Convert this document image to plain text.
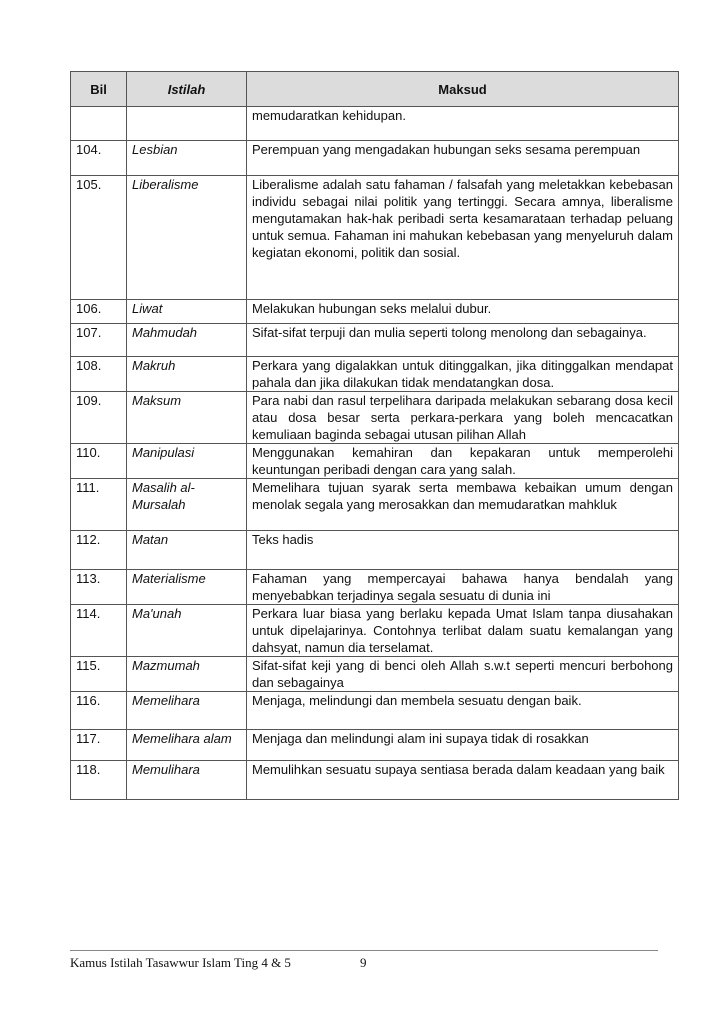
Bil	Istilah	Maksud
		memudaratkan kehidupan.
104.	Lesbian	Perempuan yang mengadakan hubungan seks sesama perempuan
105.	Liberalisme	Liberalisme adalah satu fahaman / falsafah yang meletakkan kebebasan individu sebagai nilai politik yang tertinggi. Secara amnya, liberalisme mengutamakan hak-hak peribadi serta kesamarataan terhadap peluang untuk semua. Fahaman ini mahukan kebebasan yang menyeluruh dalam kegiatan ekonomi, politik dan sosial.
106.	Liwat	Melakukan hubungan seks melalui dubur.
107.	Mahmudah	Sifat-sifat terpuji dan mulia seperti tolong menolong dan sebagainya.
108.	Makruh	Perkara yang digalakkan untuk ditinggalkan, jika ditinggalkan mendapat pahala dan jika dilakukan tidak mendatangkan dosa.
109.	Maksum	Para nabi dan rasul terpelihara daripada melakukan sebarang dosa kecil atau dosa besar serta perkara-perkara yang boleh mencacatkan kemuliaan baginda sebagai utusan pilihan Allah
110.	Manipulasi	Menggunakan kemahiran dan kepakaran untuk memperolehi keuntungan peribadi dengan cara yang salah.
111.	Masalih al-Mursalah	Memelihara tujuan syarak serta membawa kebaikan umum dengan menolak segala yang merosakkan dan memudaratkan mahkluk
112.	Matan	Teks hadis
113.	Materialisme	Fahaman yang mempercayai bahawa hanya bendalah yang menyebabkan terjadinya segala sesuatu di dunia ini
114.	Ma'unah	Perkara luar biasa yang berlaku kepada Umat Islam tanpa diusahakan untuk dipelajarinya. Contohnya terlibat dalam suatu kemalangan yang dahsyat, namun dia terselamat.
115.	Mazmumah	Sifat-sifat keji yang di benci oleh Allah s.w.t seperti mencuri berbohong dan sebagainya
116.	Memelihara	Menjaga, melindungi dan membela sesuatu dengan baik.
117.	Memelihara alam	Menjaga dan melindungi alam ini supaya tidak di rosakkan
118.	Memulihara	Memulihkan sesuatu supaya sentiasa berada dalam keadaan yang baik
Kamus Istilah Tasawwur Islam Ting 4 & 5	9
